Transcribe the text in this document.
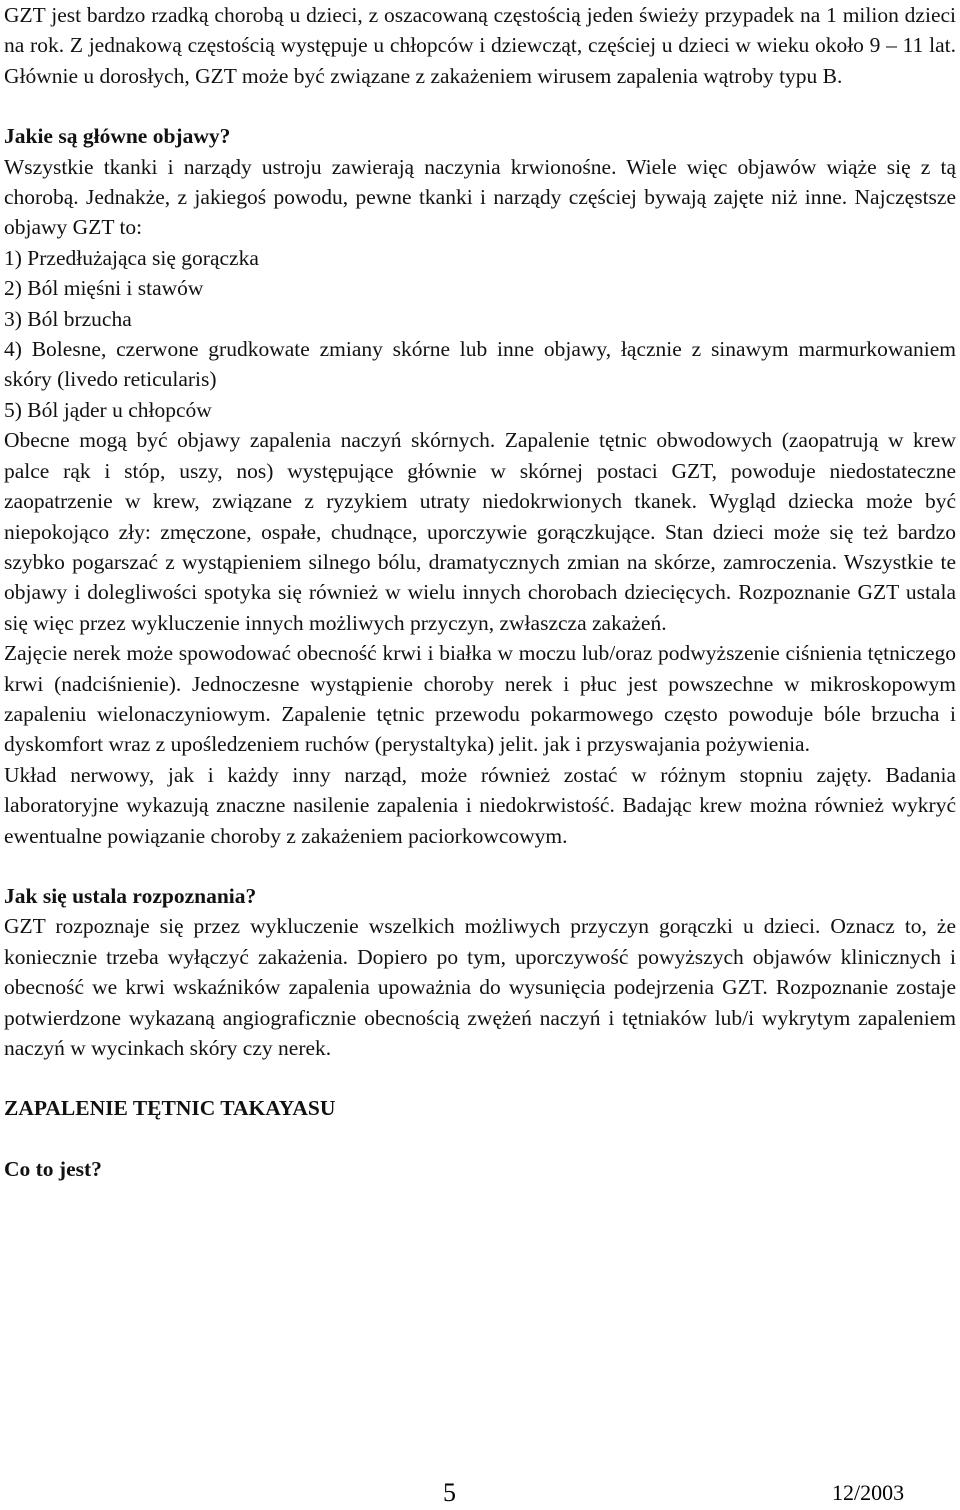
GZT jest bardzo rzadką chorobą u dzieci, z oszacowaną częstością jeden świeży przypadek na 1 milion dzieci na rok. Z jednakową częstością występuje u chłopców i dziewcząt, częściej u dzieci w wieku około 9 – 11 lat. Głównie u dorosłych, GZT może być związane z zakażeniem wirusem zapalenia wątroby typu B.

Jakie są główne objawy?

Wszystkie tkanki i narządy ustroju zawierają naczynia krwionośne. Wiele więc objawów wiąże się z tą chorobą. Jednakże, z jakiegoś powodu, pewne tkanki i narządy częściej bywają zajęte niż inne. Najczęstsze objawy GZT to:

1) Przedłużająca się gorączka
2) Ból mięśni i stawów
3) Ból brzucha
4) Bolesne, czerwone grudkowate zmiany skórne lub inne objawy, łącznie z sinawym marmurkowaniem skóry (livedo reticularis)
5) Ból jąder u chłopców

Obecne mogą być objawy zapalenia naczyń skórnych. Zapalenie tętnic obwodowych (zaopatrują w krew palce rąk i stóp, uszy, nos) występujące głównie w skórnej postaci GZT, powoduje niedostateczne zaopatrzenie w krew, związane z ryzykiem utraty niedokrwionych tkanek. Wygląd dziecka może być niepokojąco zły: zmęczone, ospałe, chudnące, uporczywie gorączkujące. Stan dzieci może się też bardzo szybko pogarszać z wystąpieniem silnego bólu, dramatycznych zmian na skórze, zamroczenia. Wszystkie te objawy i dolegliwości spotyka się również w wielu innych chorobach dziecięcych. Rozpoznanie GZT ustala się więc przez wykluczenie innych możliwych przyczyn, zwłaszcza zakażeń.

Zajęcie nerek może spowodować obecność krwi i białka w moczu lub/oraz podwyższenie ciśnienia tętniczego krwi (nadciśnienie). Jednoczesne wystąpienie choroby nerek i płuc jest powszechne w mikroskopowym zapaleniu wielonaczyniowym. Zapalenie tętnic przewodu pokarmowego często powoduje bóle brzucha i dyskomfort wraz z upośledzeniem ruchów (perystaltyka) jelit. jak i przyswajania pożywienia.

Układ nerwowy, jak i każdy inny narząd, może również zostać w różnym stopniu zajęty. Badania laboratoryjne wykazują znaczne nasilenie zapalenia i niedokrwistość. Badając krew można również wykryć ewentualne powiązanie choroby z zakażeniem paciorkowcowym.

Jak się ustala rozpoznania?

GZT rozpoznaje się przez wykluczenie wszelkich możliwych przyczyn gorączki u dzieci. Oznacz to, że koniecznie trzeba wyłączyć zakażenia. Dopiero po tym, uporczywość powyższych objawów klinicznych i obecność we krwi wskaźników zapalenia upoważnia do wysunięcia podejrzenia GZT. Rozpoznanie zostaje potwierdzone wykazaną angiograficznie obecnością zwężeń naczyń i tętniaków lub/i wykrytym zapaleniem naczyń w wycinkach skóry czy nerek.

ZAPALENIE TĘTNIC TAKAYASU
Co to jest?
5	12/2003
